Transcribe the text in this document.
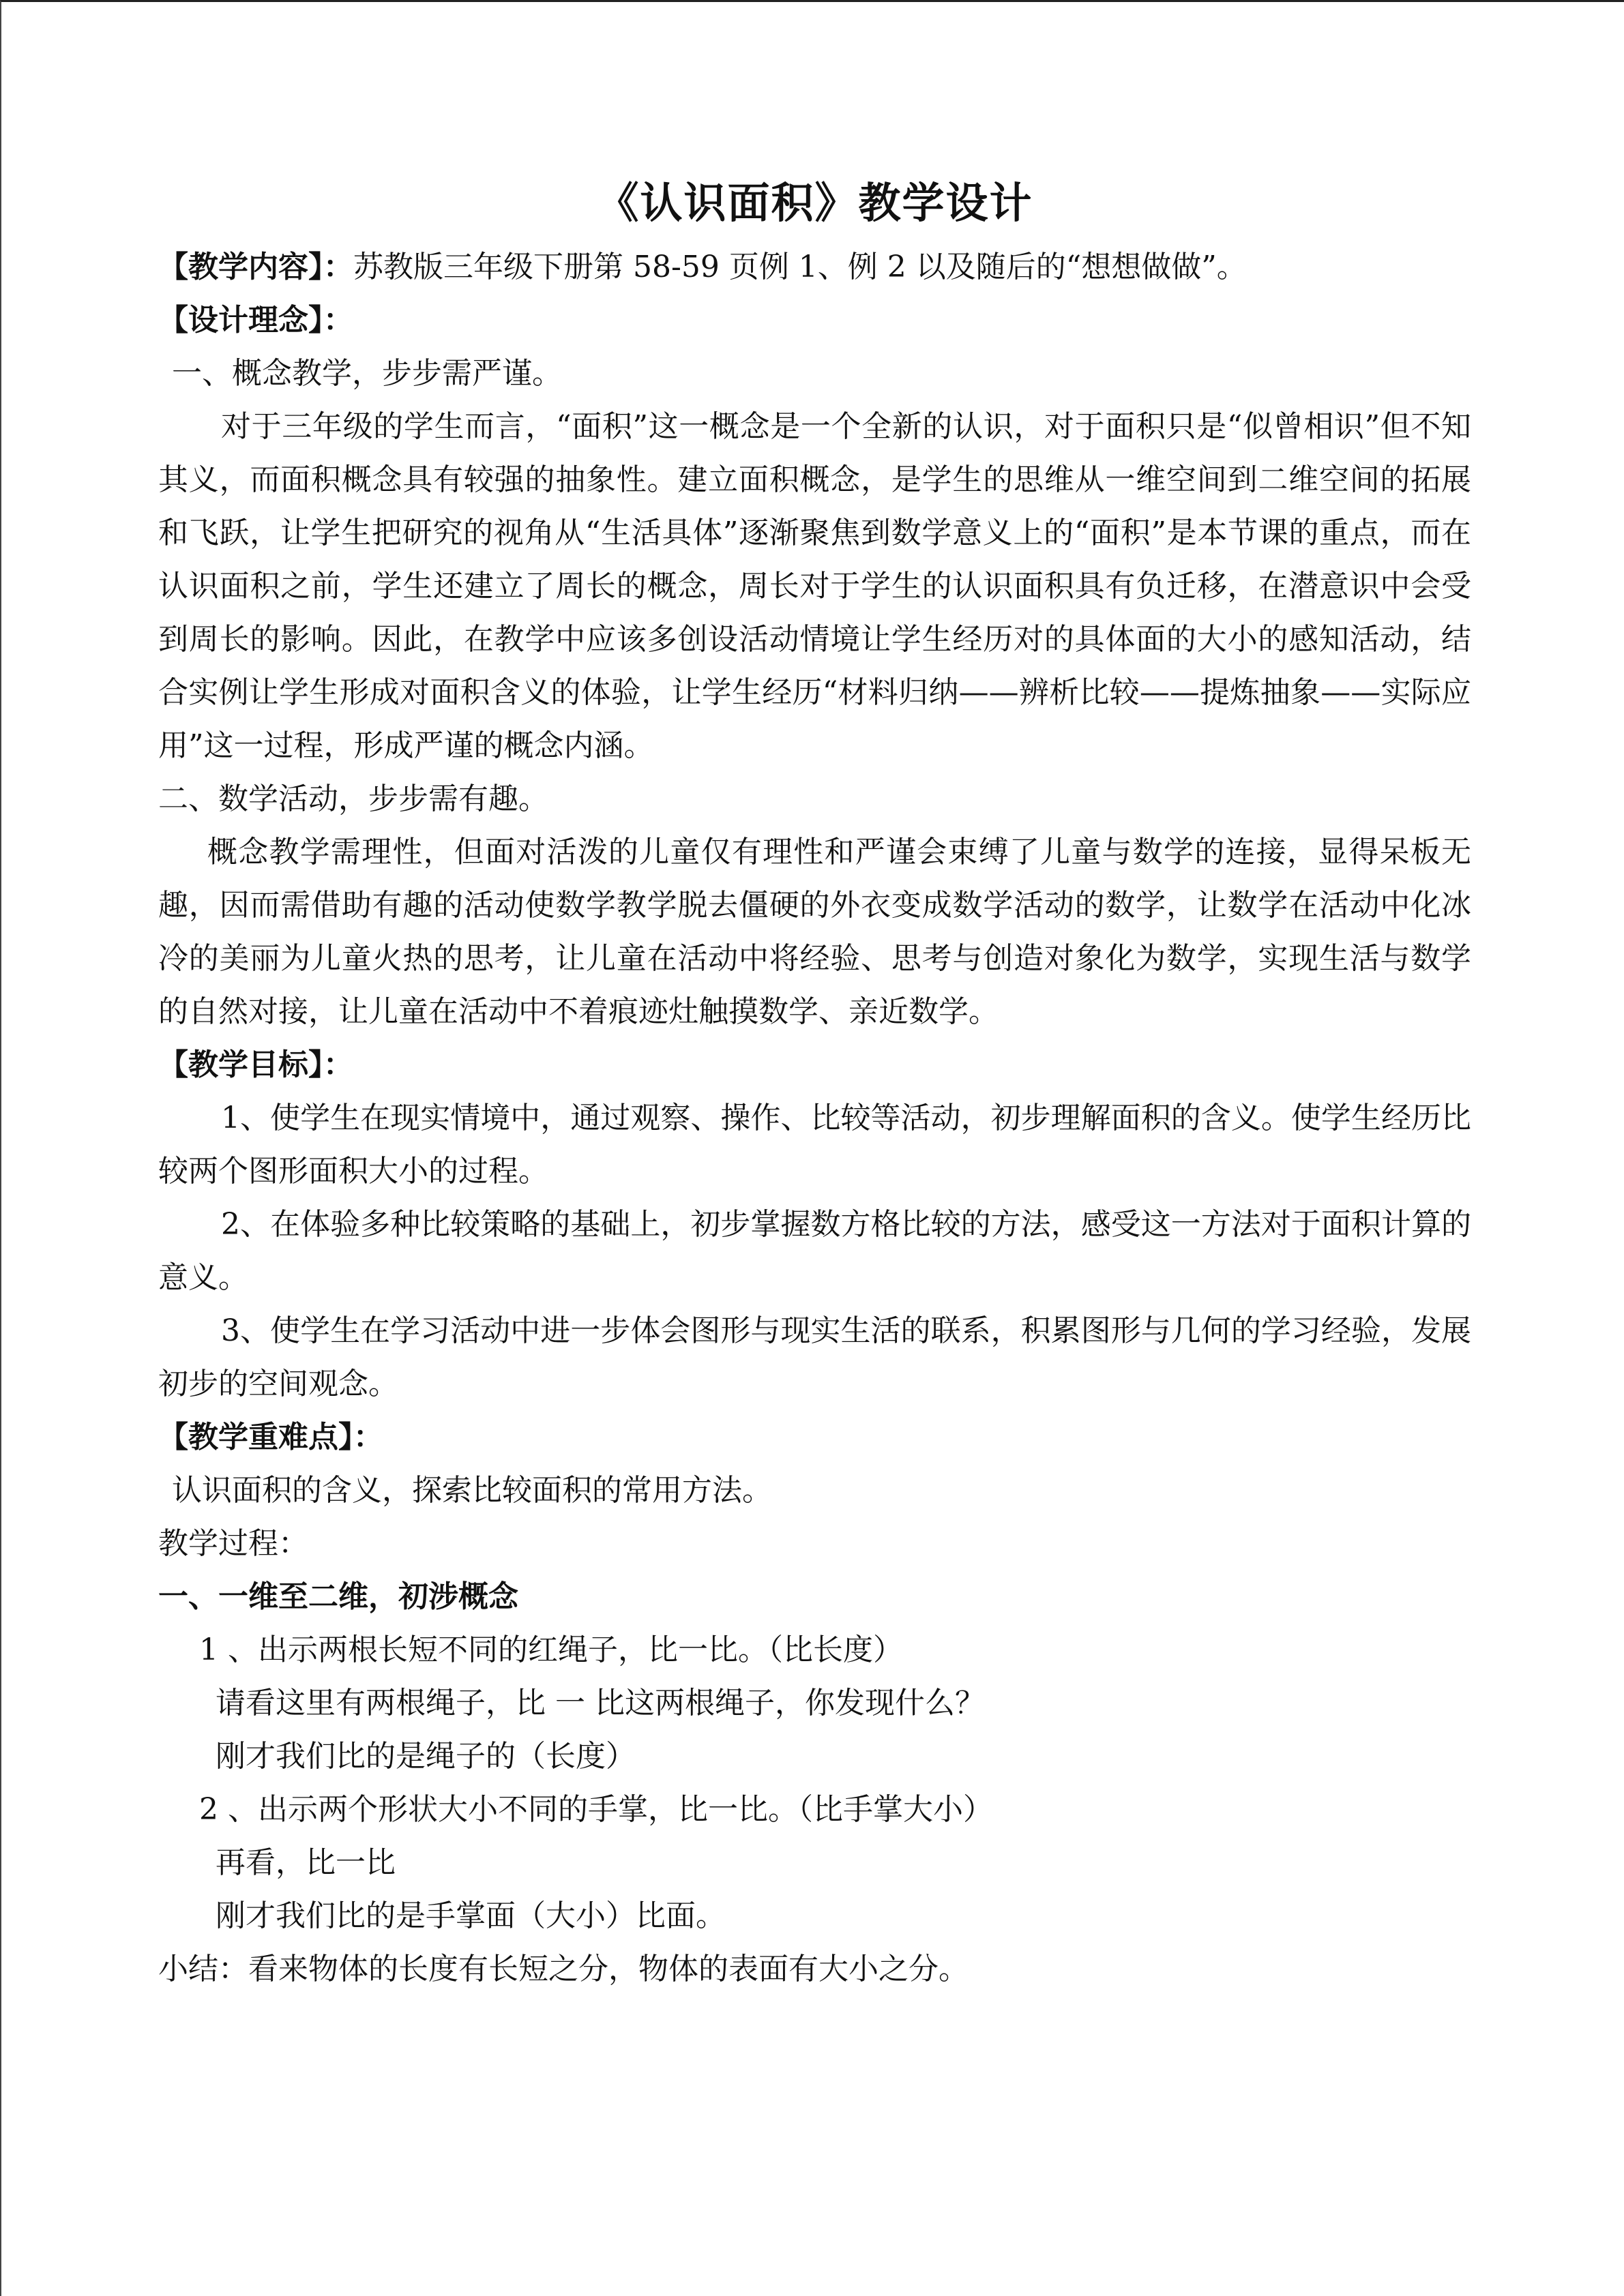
《认识面积》教学设计
【教学内容】：苏教版三年级下册第 58-59 页例 1、例 2 以及随后的“想想做做”。
【设计理念】：
一、概念教学，步步需严谨。
对于三年级的学生而言，“面积”这一概念是一个全新的认识，对于面积只是“似曾相识”但不知其义，而面积概念具有较强的抽象性。建立面积概念，是学生的思维从一维空间到二维空间的拓展和飞跃，让学生把研究的视角从“生活具体”逐渐聚焦到数学意义上的“面积”是本节课的重点，而在认识面积之前，学生还建立了周长的概念，周长对于学生的认识面积具有负迁移，在潜意识中会受到周长的影响。因此，在教学中应该多创设活动情境让学生经历对的具体面的大小的感知活动，结合实例让学生形成对面积含义的体验，让学生经历“材料归纳——辨析比较——提炼抽象——实际应用”这一过程，形成严谨的概念内涵。
二、数学活动，步步需有趣。
概念教学需理性，但面对活泼的儿童仅有理性和严谨会束缚了儿童与数学的连接，显得呆板无趣，因而需借助有趣的活动使数学教学脱去僵硬的外衣变成数学活动的数学，让数学在活动中化冰冷的美丽为儿童火热的思考，让儿童在活动中将经验、思考与创造对象化为数学，实现生活与数学的自然对接，让儿童在活动中不着痕迹灶触摸数学、亲近数学。
【教学目标】：
1、使学生在现实情境中，通过观察、操作、比较等活动，初步理解面积的含义。使学生经历比较两个图形面积大小的过程。
2、在体验多种比较策略的基础上，初步掌握数方格比较的方法，感受这一方法对于面积计算的意义。
3、使学生在学习活动中进一步体会图形与现实生活的联系，积累图形与几何的学习经验，发展初步的空间观念。
【教学重难点】：
认识面积的含义，探索比较面积的常用方法。
教学过程：
一、一维至二维，初涉概念
1 、出示两根长短不同的红绳子，比一比。（比长度）
请看这里有两根绳子，比 一 比这两根绳子，你发现什么？
刚才我们比的是绳子的（长度）
2 、出示两个形状大小不同的手掌，比一比。（比手掌大小）
再看，比一比
刚才我们比的是手掌面（大小）比面。
小结：看来物体的长度有长短之分，物体的表面有大小之分。
